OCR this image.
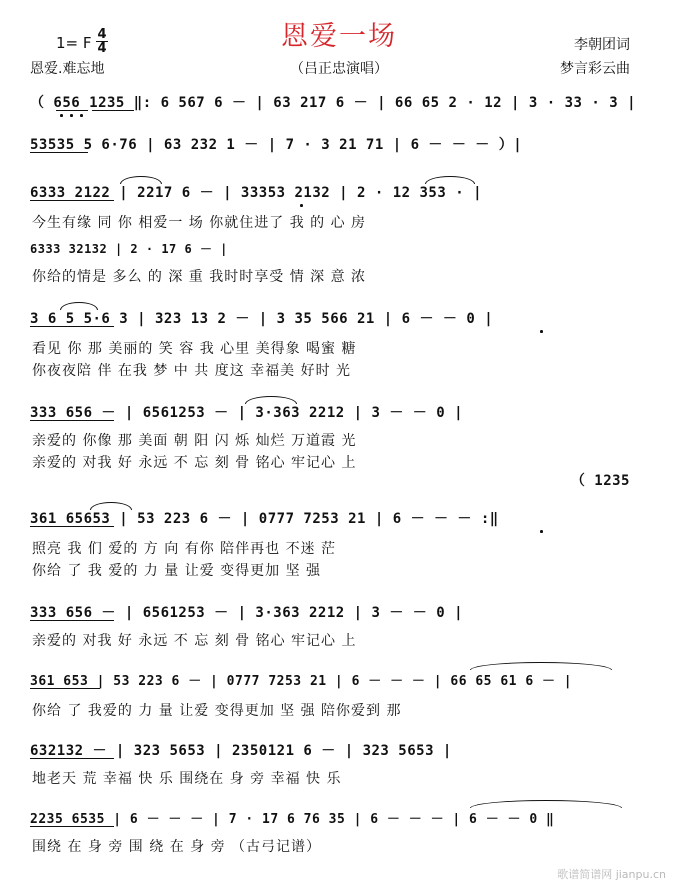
恩爱一场
1= F 4
4	李朝团词
恩爱.难忘地	（吕正忠演唱）	梦言彩云曲
（ 656 1235 ‖: 6 567 6 － | 63 217 6 － | 66 65 2 · 12 | 3 · 33 · 3 |
53535 5 6·76 | 63 232 1 － | 7 · 3 21 71 | 6 － － － ）|
6333 2122 | 2217 6 － | 33353 2132 | 2 · 12 353 · |
今生有缘 同 你 相爱一 场 你就住进了 我 的 心 房
6333 32132 | 2 · 17 6 － |
你给的情是 多么 的 深 重 我时时享受 情 深 意 浓
3 6 5 5·6 3 | 323 13 2 － | 3 35 566 21 | 6 － － 0 |
看见 你 那 美丽的 笑 容 我 心里 美得象 喝蜜 糖
你夜夜陪 伴 在我 梦 中 共 度这 幸福美 好时 光
333 656 － | 6561253 － | 3·363 2212 | 3 － － 0 |
亲爱的 你像 那 美面 朝 阳 闪 烁 灿烂 万道霞 光
亲爱的 对我 好 永远 不 忘 刻 骨 铭心 牢记心 上
（ 1235
361 65653 | 53 223 6 － | 0777 7253 21 | 6 － － － :‖
照亮 我 们 爱的 方 向 有你 陪伴再也 不迷 茫
你给 了 我 爱的 力 量 让爱 变得更加 坚 强
333 656 － | 6561253 － | 3·363 2212 | 3 － － 0 |
亲爱的 对我 好 永远 不 忘 刻 骨 铭心 牢记心 上
361 653 | 53 223 6 － | 0777 7253 21 | 6 － － － | 66 65 61 6 － |
你给 了 我爱的 力 量 让爱 变得更加 坚 强 陪你爱到 那
632132 － | 323 5653 | 2350121 6 － | 323 5653 |
地老天 荒 幸福 快 乐 围绕在 身 旁 幸福 快 乐
2235 6535 | 6 － － － | 7 · 17 6 76 35 | 6 － － － | 6 － － 0 ‖
围绕 在 身 旁 围 绕 在 身 旁 （古弓记谱）
歌谱简谱网 jianpu.cn
